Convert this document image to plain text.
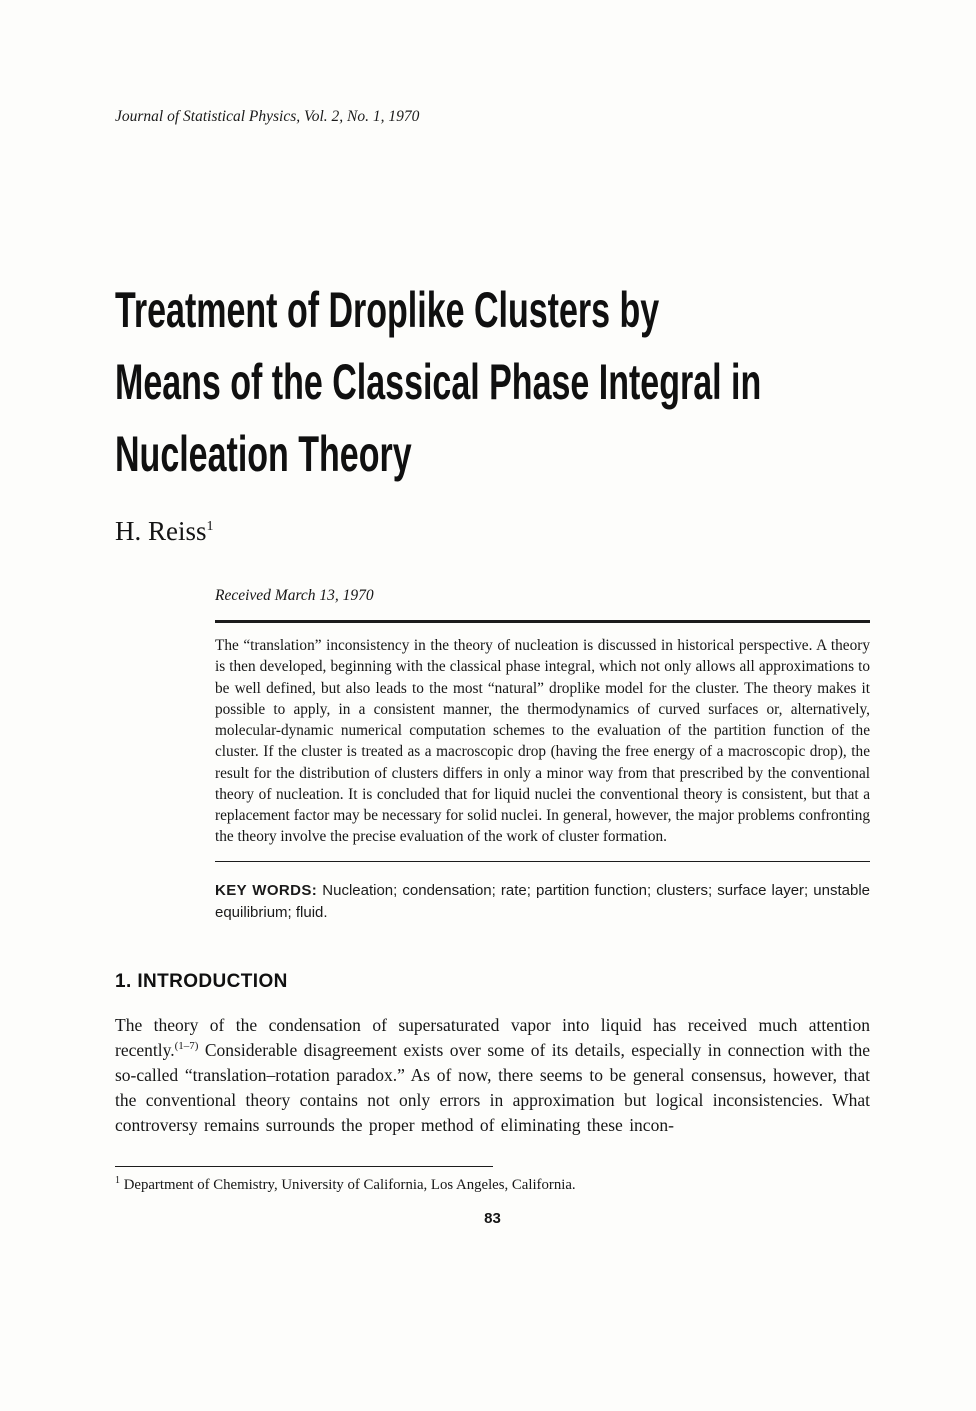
Journal of Statistical Physics, Vol. 2, No. 1, 1970
Treatment of Droplike Clusters by
Means of the Classical Phase Integral in
Nucleation Theory
H. Reiss$^1$
Received March 13, 1970

The “translation” inconsistency in the theory of nucleation is discussed in historical perspective. A theory is then developed, beginning with the classical phase integral, which not only allows all approximations to be well defined, but also leads to the most “natural” droplike model for the cluster. The theory makes it possible to apply, in a consistent manner, the thermodynamics of curved surfaces or, alternatively, molecular-dynamic numerical computation schemes to the evaluation of the partition function of the cluster. If the cluster is treated as a macroscopic drop (having the free energy of a macroscopic drop), the result for the distribution of clusters differs in only a minor way from that prescribed by the conventional theory of nucleation. It is concluded that for liquid nuclei the conventional theory is consistent, but that a replacement factor may be necessary for solid nuclei. In general, however, the major problems confronting the theory involve the precise evaluation of the work of cluster formation.

KEY WORDS: Nucleation; condensation; rate; partition function; clusters; surface layer; unstable equilibrium; fluid.

1. INTRODUCTION

The theory of the condensation of supersaturated vapor into liquid has received much attention recently.$^{(1-7)}$ Considerable disagreement exists over some of its details, especially in connection with the so-called “translation–rotation paradox.” As of now, there seems to be general consensus, however, that the conventional theory contains not only errors in approximation but logical inconsistencies. What controversy remains surrounds the proper method of eliminating these incon-

$^1$ Department of Chemistry, University of California, Los Angeles, California.
83
